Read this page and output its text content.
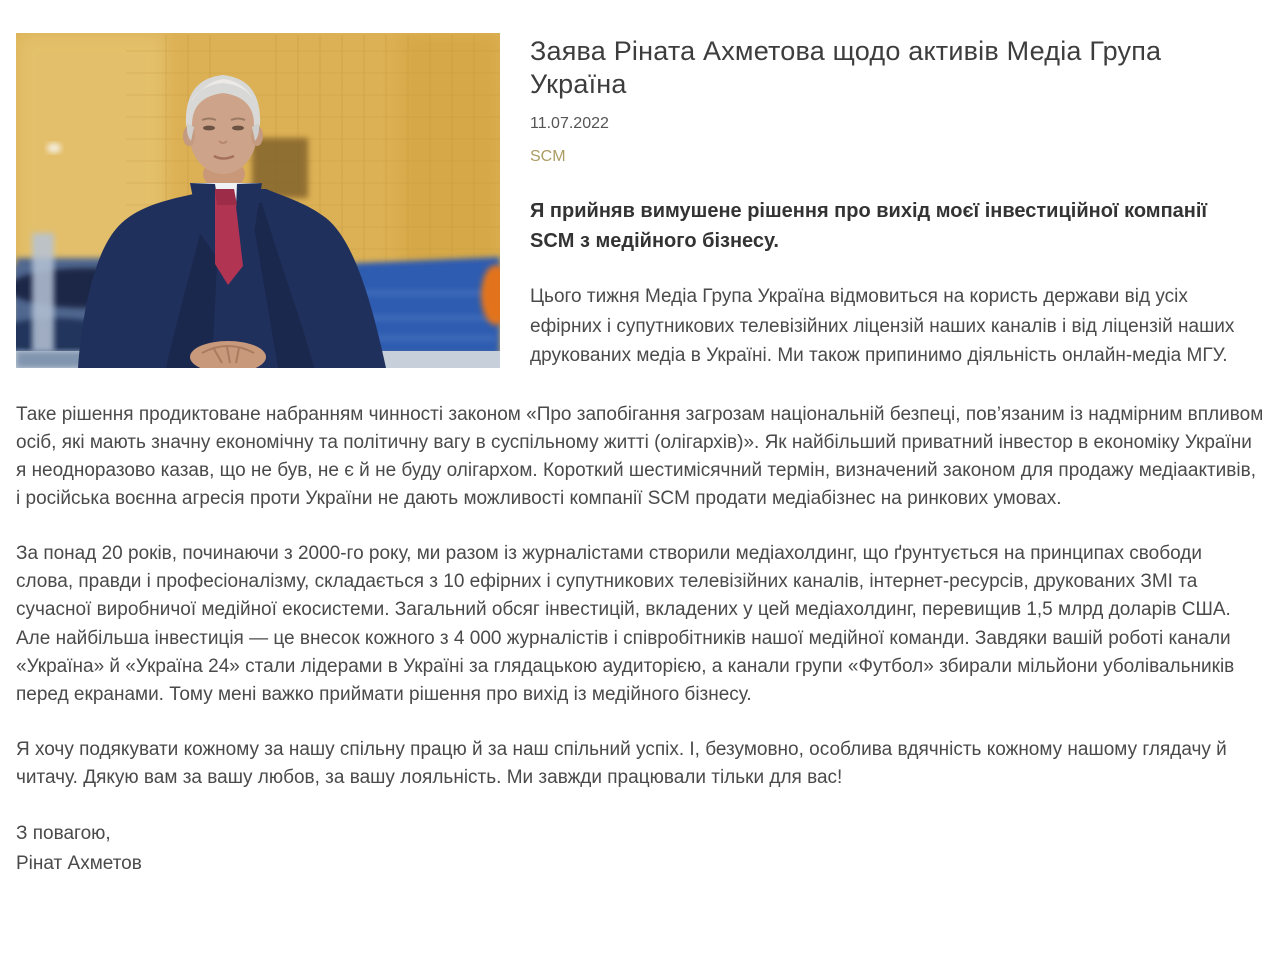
Заява Ріната Ахметова щодо активів Медіа Група Україна
11.07.2022
SCM

Я прийняв вимушене рішення про вихід моєї інвестиційної компанії SCM з медійного бізнесу.

Цього тижня Медіа Група Україна відмовиться на користь держави від усіх ефірних і супутникових телевізійних ліцензій наших каналів і від ліцензій наших друкованих медіа в Україні. Ми також припинимо діяльність онлайн-медіа МГУ.

Таке рішення продиктоване набранням чинності законом «Про запобігання загрозам національній безпеці, пов’язаним із надмірним впливом осіб, які мають значну економічну та політичну вагу в суспільному житті (олігархів)». Як найбільший приватний інвестор в економіку України я неодноразово казав, що не був, не є й не буду олігархом. Короткий шестимісячний термін, визначений законом для продажу медіаактивів, і російська воєнна агресія проти України не дають можливості компанії SCM продати медіабізнес на ринкових умовах.

За понад 20 років, починаючи з 2000-го року, ми разом із журналістами створили медіахолдинг, що ґрунтується на принципах свободи слова, правди і професіоналізму, складається з 10 ефірних і супутникових телевізійних каналів, інтернет-ресурсів, друкованих ЗМІ та сучасної виробничої медійної екосистеми. Загальний обсяг інвестицій, вкладених у цей медіахолдинг, перевищив 1,5 млрд доларів США. Але найбільша інвестиція — це внесок кожного з 4 000 журналістів і співробітників нашої медійної команди. Завдяки вашій роботі канали «Україна» й «Україна 24» стали лідерами в Україні за глядацькою аудиторією, а канали групи «Футбол» збирали мільйони уболівальників перед екранами. Тому мені важко приймати рішення про вихід із медійного бізнесу.

Я хочу подякувати кожному за нашу спільну працю й за наш спільний успіх. І, безумовно, особлива вдячність кожному нашому глядачу й читачу. Дякую вам за вашу любов, за вашу лояльність. Ми завжди працювали тільки для вас!

З повагою,
Рінат Ахметов
